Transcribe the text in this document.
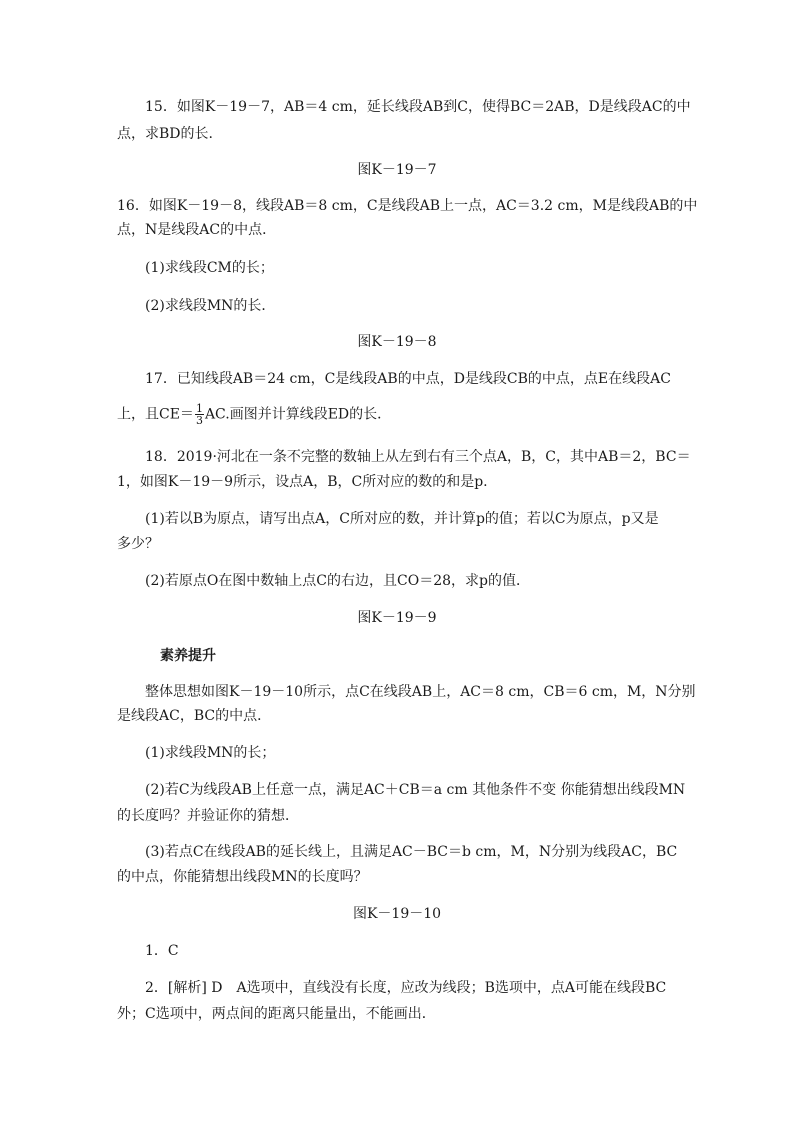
15．如图K－19－7，AB＝4 cm，延长线段AB到C，使得BC＝2AB，D是线段AC的中
点，求BD的长.
图K－19－7
16．如图K－19－8，线段AB＝8 cm，C是线段AB上一点，AC＝3.2 cm，M是线段AB的中
点，N是线段AC的中点．
(1)求线段CM的长；
(2)求线段MN的长．
图K－19－8
17．已知线段AB＝24 cm，C是线段AB的中点，D是线段CB的中点，点E在线段AC
上，且$CE= \frac{1}{3}$ AC.画图并计算线段ED的长．
18．2019·河北在一条不完整的数轴上从左到右有三个点A，B，C，其中AB＝2，BC＝
1，如图K－19－9所示，设点A，B，C所对应的数的和是p.
(1)若以B为原点，请写出点A，C所对应的数，并计算p的值；若以C为原点，p又是
多少？
(2)若原点O在图中数轴上点C的右边，且CO＝28，求p的值．
图K－19－9
素养提升
整体思想如图K－19－10所示，点C在线段AB上，AC＝8 cm，CB＝6 cm，M，N分别
是线段AC，BC的中点．
(1)求线段MN的长；
(2)若C为线段AB上任意一点，满足AC＋CB＝a cm 其他条件不变 你能猜想出线段MN
的长度吗？并验证你的猜想．
(3)若点C在线段AB的延长线上，且满足AC－BC＝b cm，M，N分别为线段AC，BC
的中点，你能猜想出线段MN的长度吗？
图K－19－10
1．C
2．[解析] D　A选项中，直线没有长度，应改为线段；B选项中，点A可能在线段BC
外；C选项中，两点间的距离只能量出，不能画出．
